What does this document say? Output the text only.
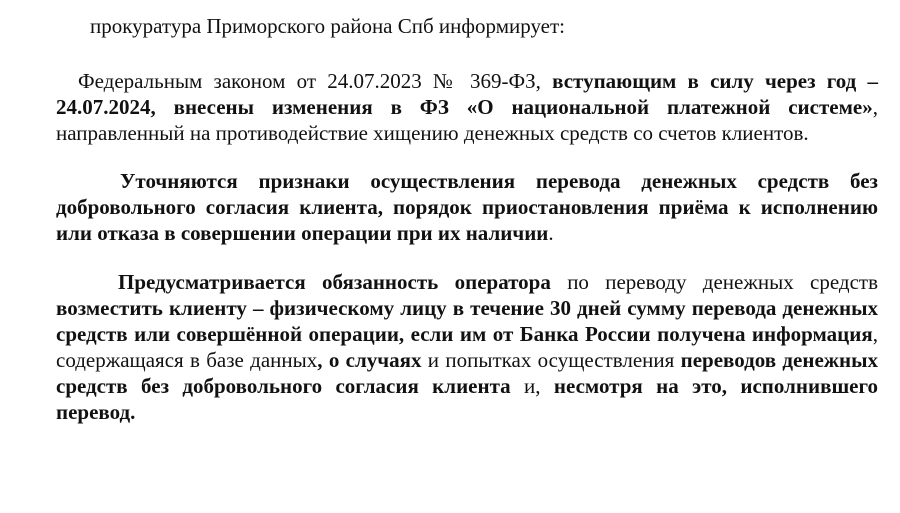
прокуратура Приморского района Спб информирует:

Федеральным законом от 24.07.2023 № 369-ФЗ, вступающим в силу через год – 24.07.2024, внесены изменения в ФЗ «О национальной платежной системе», направленный на противодействие хищению денежных средств со счетов клиентов.

Уточняются признаки осуществления перевода денежных средств без добровольного согласия клиента, порядок приостановления приёма к исполнению или отказа в совершении операции при их наличии.

Предусматривается обязанность оператора по переводу денежных средств возместить клиенту – физическому лицу в течение 30 дней сумму перевода денежных средств или совершённой операции, если им от Банка России получена информация, содержащаяся в базе данных, о случаях и попытках осуществления переводов денежных средств без добровольного согласия клиента и, несмотря на это, исполнившего перевод.
